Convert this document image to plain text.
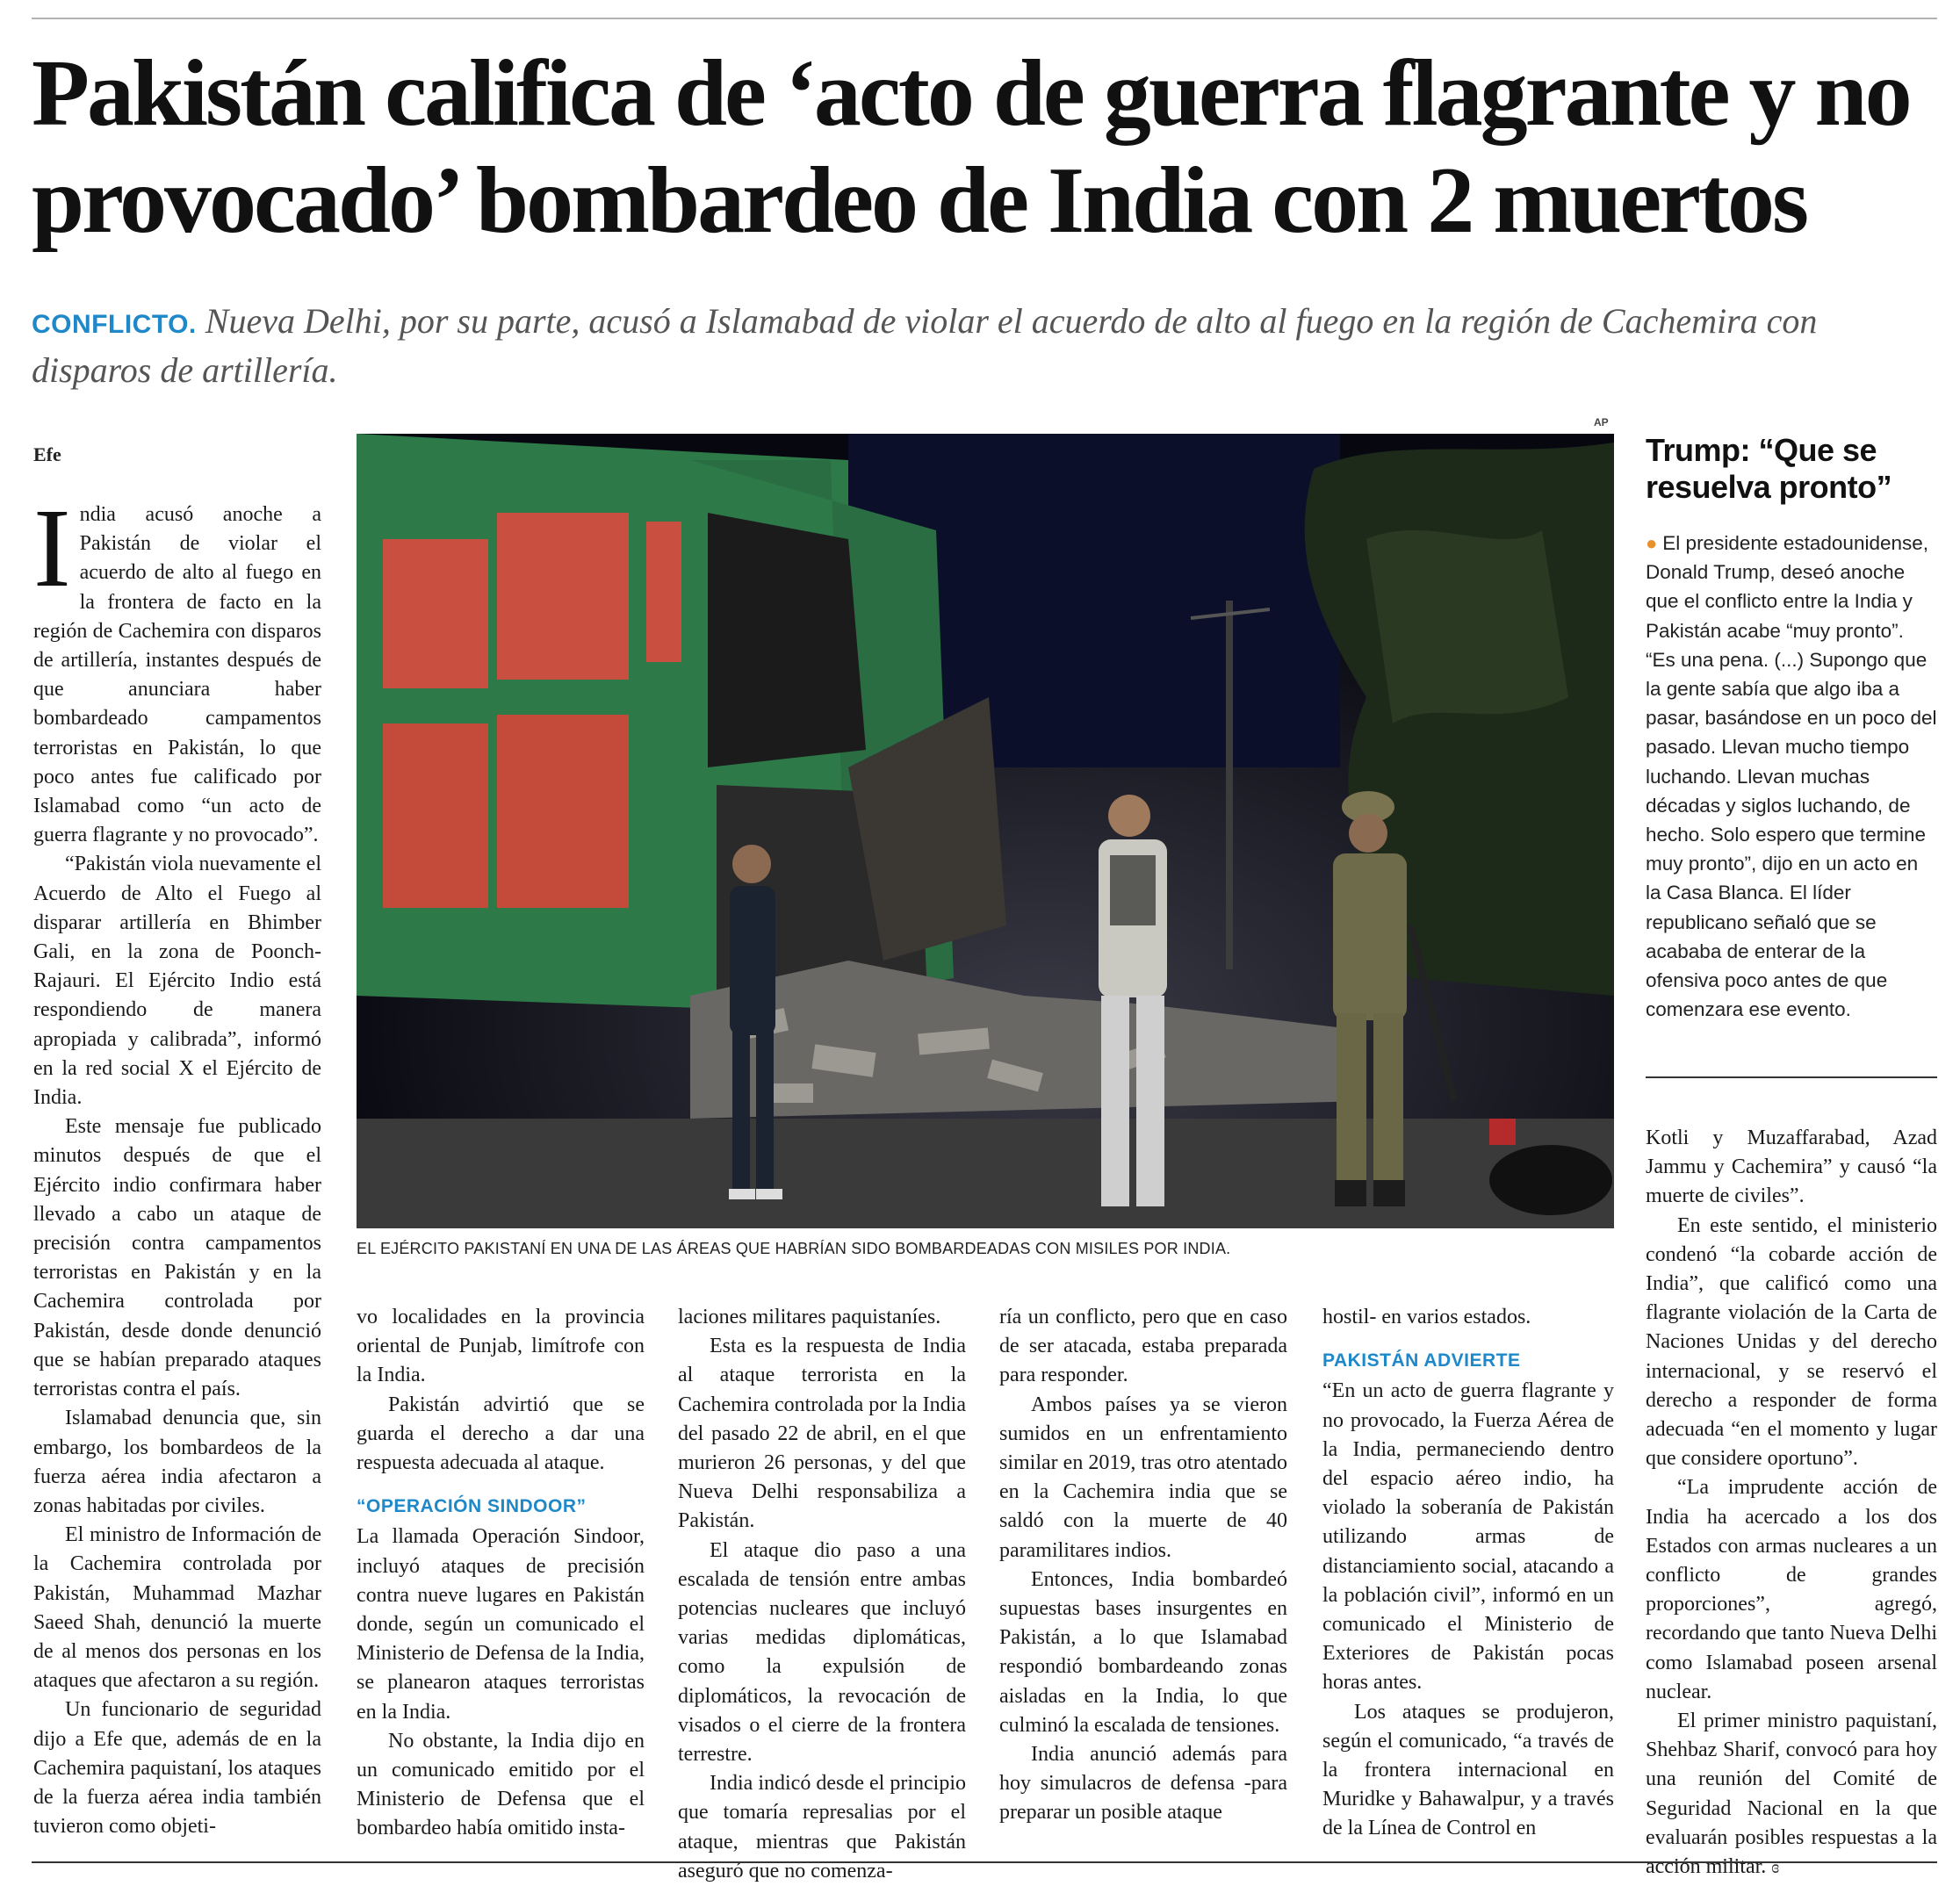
Pakistán califica de ‘acto de guerra flagrante y no provocado’ bombardeo de India con 2 muertos
CONFLICTO. Nueva Delhi, por su parte, acusó a Islamabad de violar el acuerdo de alto al fuego en la región de Cachemira con disparos de artillería.
Efe

India acusó anoche a Pakistán de violar el acuerdo de alto al fuego en la frontera de facto en la región de Cachemira con disparos de artillería, instantes después de que anunciara haber bombardeado campamentos terroristas en Pakistán, lo que poco antes fue calificado por Islamabad como “un acto de guerra flagrante y no provocado”.

“Pakistán viola nuevamente el Acuerdo de Alto el Fuego al disparar artillería en Bhimber Gali, en la zona de Poonch-Rajauri. El Ejército Indio está respondiendo de manera apropiada y calibrada”, informó en la red social X el Ejército de India.

Este mensaje fue publicado minutos después de que el Ejército indio confirmara haber llevado a cabo un ataque de precisión contra campamentos terroristas en Pakistán y en la Cachemira controlada por Pakistán, desde donde denunció que se habían preparado ataques terroristas contra el país.

Islamabad denuncia que, sin embargo, los bombardeos de la fuerza aérea india afectaron a zonas habitadas por civiles.

El ministro de Información de la Cachemira controlada por Pakistán, Muhammad Mazhar Saeed Shah, denunció la muerte de al menos dos personas en los ataques que afectaron a su región.

Un funcionario de seguridad dijo a Efe que, además de en la Cachemira paquistaní, los ataques de la fuerza aérea india también tuvieron como objeti-

AP
EL EJÉRCITO PAKISTANÍ EN UNA DE LAS ÁREAS QUE HABRÍAN SIDO BOMBARDEADAS CON MISILES POR INDIA.
Trump: “Que se resuelva pronto”
● El presidente estadounidense, Donald Trump, deseó anoche que el conflicto entre la India y Pakistán acabe “muy pronto”. “Es una pena. (...) Supongo que la gente sabía que algo iba a pasar, basándose en un poco del pasado. Llevan mucho tiempo luchando. Llevan muchas décadas y siglos luchando, de hecho. Solo espero que termine muy pronto”, dijo en un acto en la Casa Blanca. El líder republicano señaló que se acababa de enterar de la ofensiva poco antes de que comenzara ese evento.

vo localidades en la provincia oriental de Punjab, limítrofe con la India.

Pakistán advirtió que se guarda el derecho a dar una respuesta adecuada al ataque.

“OPERACIÓN SINDOOR”

La llamada Operación Sindoor, incluyó ataques de precisión contra nueve lugares en Pakistán donde, según un comunicado el Ministerio de Defensa de la India, se planearon ataques terroristas en la India.

No obstante, la India dijo en un comunicado emitido por el Ministerio de Defensa que el bombardeo había omitido insta-

laciones militares paquistaníes.

Esta es la respuesta de India al ataque terrorista en la Cachemira controlada por la India del pasado 22 de abril, en el que murieron 26 personas, y del que Nueva Delhi responsabiliza a Pakistán.

El ataque dio paso a una escalada de tensión entre ambas potencias nucleares que incluyó varias medidas diplomáticas, como la expulsión de diplomáticos, la revocación de visados o el cierre de la frontera terrestre.

India indicó desde el principio que tomaría represalias por el ataque, mientras que Pakistán aseguró que no comenza-

ría un conflicto, pero que en caso de ser atacada, estaba preparada para responder.

Ambos países ya se vieron sumidos en un enfrentamiento similar en 2019, tras otro atentado en la Cachemira india que se saldó con la muerte de 40 paramilitares indios.

Entonces, India bombardeó supuestas bases insurgentes en Pakistán, a lo que Islamabad respondió bombardeando zonas aisladas en la India, lo que culminó la escalada de tensiones.

India anunció además para hoy simulacros de defensa -para preparar un posible ataque

hostil- en varios estados.

PAKISTÁN ADVIERTE

“En un acto de guerra flagrante y no provocado, la Fuerza Aérea de la India, permaneciendo dentro del espacio aéreo indio, ha violado la soberanía de Pakistán utilizando armas de distanciamiento social, atacando a la población civil”, informó en un comunicado el Ministerio de Exteriores de Pakistán pocas horas antes.

Los ataques se produjeron, según el comunicado, “a través de la frontera internacional en Muridke y Bahawalpur, y a través de la Línea de Control en

Kotli y Muzaffarabad, Azad Jammu y Cachemira” y causó “la muerte de civiles”.

En este sentido, el ministerio condenó “la cobarde acción de India”, que calificó como una flagrante violación de la Carta de Naciones Unidas y del derecho internacional, y se reservó el derecho a responder de forma adecuada “en el momento y lugar que considere oportuno”.

“La imprudente acción de India ha acercado a los dos Estados con armas nucleares a un conflicto de grandes proporciones”, agregó, recordando que tanto Nueva Delhi como Islamabad poseen arsenal nuclear.

El primer ministro paquistaní, Shehbaz Sharif, convocó para hoy una reunión del Comité de Seguridad Nacional en la que evaluarán posibles respuestas a la acción militar. ɞ
